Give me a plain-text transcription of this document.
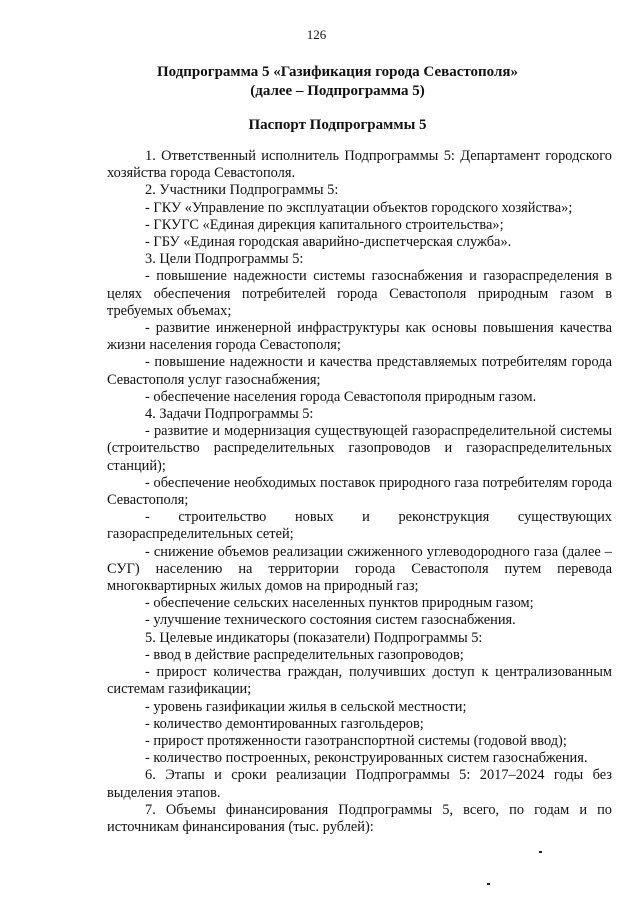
126
Подпрограмма 5 «Газификация города Севастополя»
(далее – Подпрограмма 5)
Паспорт Подпрограммы 5

1. Ответственный исполнитель Подпрограммы 5: Департамент городского хозяйства города Севастополя.

2. Участники Подпрограммы 5:

- ГКУ «Управление по эксплуатации объектов городского хозяйства»;

- ГКУГС «Единая дирекция капитального строительства»;

- ГБУ «Единая городская аварийно-диспетчерская служба».

3. Цели Подпрограммы 5:

- повышение надежности системы газоснабжения и газораспределения в целях обеспечения потребителей города Севастополя природным газом в требуемых объемах;

- развитие инженерной инфраструктуры как основы повышения качества жизни населения города Севастополя;

- повышение надежности и качества представляемых потребителям города Севастополя услуг газоснабжения;

- обеспечение населения города Севастополя природным газом.

4. Задачи Подпрограммы 5:

- развитие и модернизация существующей газораспределительной системы (строительство распределительных газопроводов и газораспределительных станций);

- обеспечение необходимых поставок природного газа потребителям города Севастополя;

- строительство новых и реконструкция существующих газораспределительных сетей;

- снижение объемов реализации сжиженного углеводородного газа (далее – СУГ) населению на территории города Севастополя путем перевода многоквартирных жилых домов на природный газ;

- обеспечение сельских населенных пунктов природным газом;

- улучшение технического состояния систем газоснабжения.

5. Целевые индикаторы (показатели) Подпрограммы 5:

- ввод в действие распределительных газопроводов;

- прирост количества граждан, получивших доступ к централизованным системам газификации;

- уровень газификации жилья в сельской местности;

- количество демонтированных газгольдеров;

- прирост протяженности газотранспортной системы (годовой ввод);

- количество построенных, реконструированных систем газоснабжения.

6. Этапы и сроки реализации Подпрограммы 5: 2017–2024 годы без выделения этапов.

7. Объемы финансирования Подпрограммы 5, всего, по годам и по источникам финансирования (тыс. рублей):
